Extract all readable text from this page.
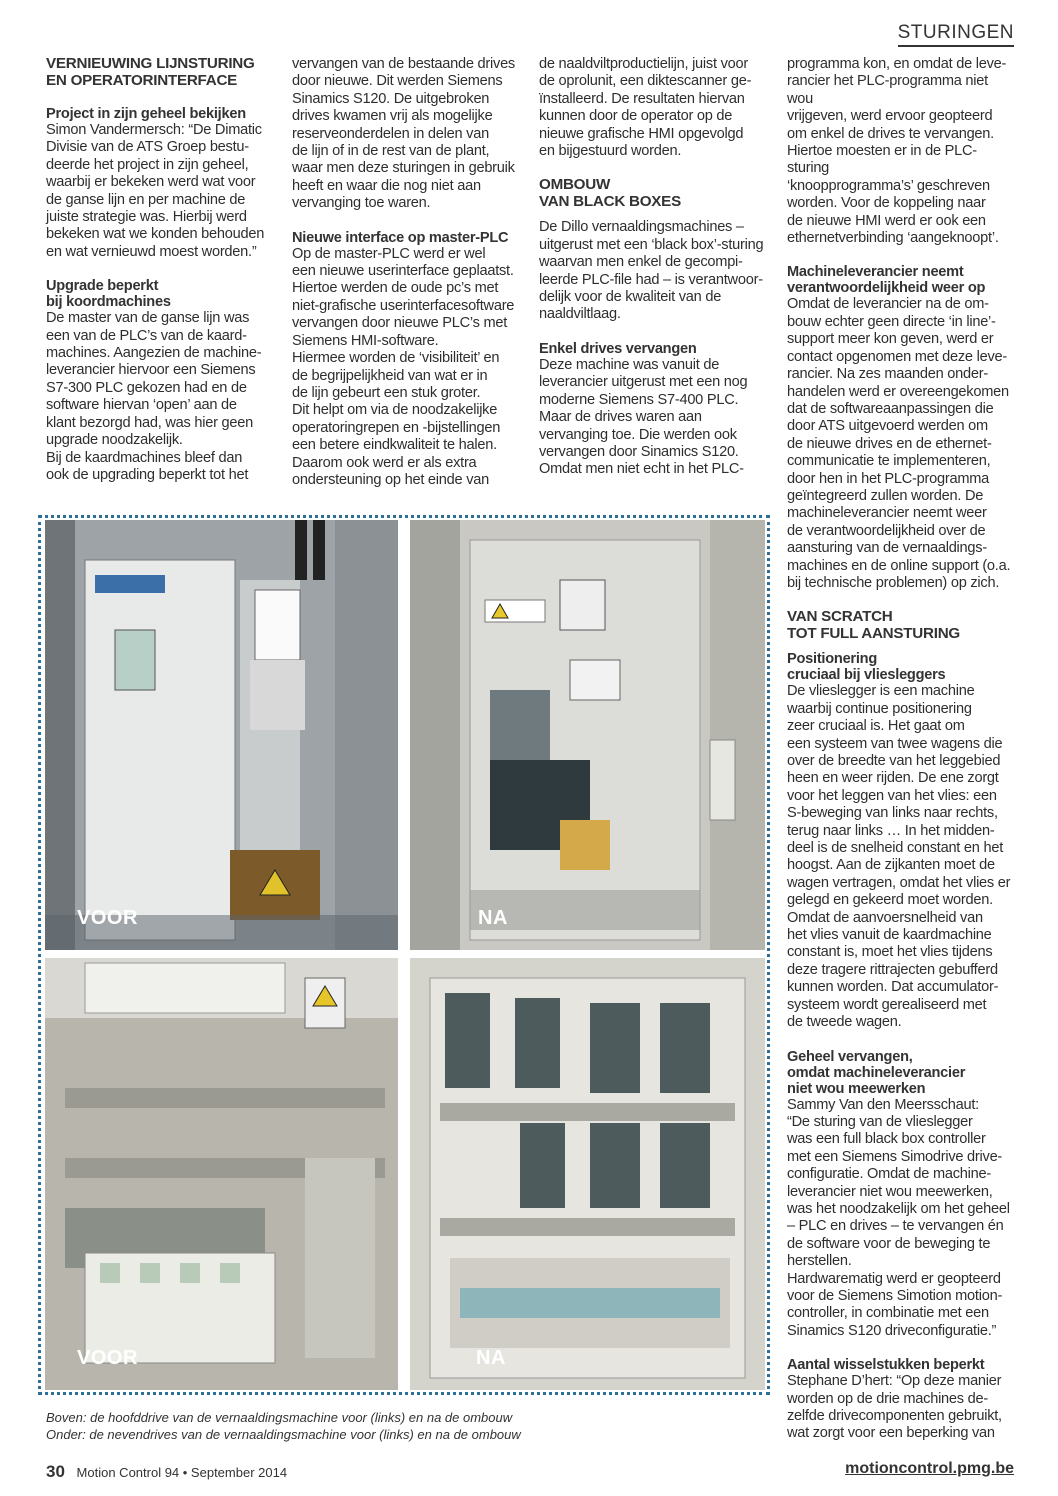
STURINGEN
VERNIEUWING LIJNSTURING
EN OPERATORINTERFACE
Project in zijn geheel bekijken

Simon Vandermersch: “De Dimatic
Divisie van de ATS Groep bestu-
deerde het project in zijn geheel,
waarbij er bekeken werd wat voor
de ganse lijn en per machine de
juiste strategie was. Hierbij werd
bekeken wat we konden behouden
en wat vernieuwd moest worden.”

Upgrade beperkt
bij koordmachines

De master van de ganse lijn was
een van de PLC’s van de kaard-
machines. Aangezien de machine-
leverancier hiervoor een Siemens
S7-300 PLC gekozen had en de
software hiervan ‘open’ aan de
klant bezorgd had, was hier geen
upgrade noodzakelijk.
Bij de kaardmachines bleef dan
ook de upgrading beperkt tot het

vervangen van de bestaande drives
door nieuwe. Dit werden Siemens
Sinamics S120. De uitgebroken
drives kwamen vrij als mogelijke
reserveonderdelen in delen van
de lijn of in de rest van de plant,
waar men deze sturingen in gebruik
heeft en waar die nog niet aan
vervanging toe waren.

Nieuwe interface op master-PLC

Op de master-PLC werd er wel
een nieuwe userinterface geplaatst.
Hiertoe werden de oude pc’s met
niet-grafische userinterfacesoftware
vervangen door nieuwe PLC’s met
Siemens HMI-software.
Hiermee worden de ‘visibiliteit’ en
de begrijpelijkheid van wat er in
de lijn gebeurt een stuk groter.
Dit helpt om via de noodzakelijke
operatoringrepen en -bijstellingen
een betere eindkwaliteit te halen.
Daarom ook werd er als extra
ondersteuning op het einde van

de naaldviltproductielijn, juist voor
de oprolunit, een diktescanner ge-
ïnstalleerd. De resultaten hiervan
kunnen door de operator op de
nieuwe grafische HMI opgevolgd
en bijgestuurd worden.

OMBOUW
VAN BLACK BOXES

De Dillo vernaaldingsmachines –
uitgerust met een ‘black box’-sturing
waarvan men enkel de gecompi-
leerde PLC-file had – is verantwoor-
delijk voor de kwaliteit van de
naaldviltlaag.

Enkel drives vervangen

Deze machine was vanuit de
leverancier uitgerust met een nog
moderne Siemens S7-400 PLC.
Maar de drives waren aan
vervanging toe. Die werden ook
vervangen door Sinamics S120.
Omdat men niet echt in het PLC-

programma kon, en omdat de leve-
rancier het PLC-programma niet wou
vrijgeven, werd ervoor geopteerd
om enkel de drives te vervangen.
Hiertoe moesten er in de PLC-sturing
‘knoopprogramma’s’ geschreven
worden. Voor de koppeling naar
de nieuwe HMI werd er ook een
ethernetverbinding ‘aangeknoopt’.

Machineleverancier neemt
verantwoordelijkheid weer op

Omdat de leverancier na de om-
bouw echter geen directe ‘in line’-
support meer kon geven, werd er
contact opgenomen met deze leve-
rancier. Na zes maanden onder-
handelen werd er overeengekomen
dat de softwareaanpassingen die
door ATS uitgevoerd werden om
de nieuwe drives en de ethernet-
communicatie te implementeren,
door hen in het PLC-programma
geïntegreerd zullen worden. De
machineleverancier neemt weer
de verantwoordelijkheid over de
aansturing van de vernaaldings-
machines en de online support (o.a.
bij technische problemen) op zich.

VAN SCRATCH
TOT FULL AANSTURING
Positionering
cruciaal bij vliesleggers

De vlieslegger is een machine
waarbij continue positionering
zeer cruciaal is. Het gaat om
een systeem van twee wagens die
over de breedte van het leggebied
heen en weer rijden. De ene zorgt
voor het leggen van het vlies: een
S-beweging van links naar rechts,
terug naar links … In het midden-
deel is de snelheid constant en het
hoogst. Aan de zijkanten moet de
wagen vertragen, omdat het vlies er
gelegd en gekeerd moet worden.
Omdat de aanvoersnelheid van
het vlies vanuit de kaardmachine
constant is, moet het vlies tijdens
deze tragere rittrajecten gebufferd
kunnen worden. Dat accumulator-
systeem wordt gerealiseerd met
de tweede wagen.

Geheel vervangen,
omdat machineleverancier
niet wou meewerken

Sammy Van den Meersschaut:
“De sturing van de vlieslegger
was een full black box controller
met een Siemens Simodrive drive-
configuratie. Omdat de machine-
leverancier niet wou meewerken,
was het noodzakelijk om het geheel
– PLC en drives – te vervangen én
de software voor de beweging te
herstellen.
Hardwarematig werd er geopteerd
voor de Siemens Simotion motion-
controller, in combinatie met een
Sinamics S120 driveconfiguratie.”

Aantal wisselstukken beperkt

Stephane D’hert: “Op deze manier
worden op de drie machines de-
zelfde drivecomponenten gebruikt,
wat zorgt voor een beperking van

VOOR	NA
VOOR	NA
Boven: de hoofddrive van de vernaaldingsmachine voor (links) en na de ombouw
Onder: de nevendrives van de vernaaldingsmachine voor (links) en na de ombouw
30 Motion Control 94 • September 2014	motioncontrol.pmg.be
